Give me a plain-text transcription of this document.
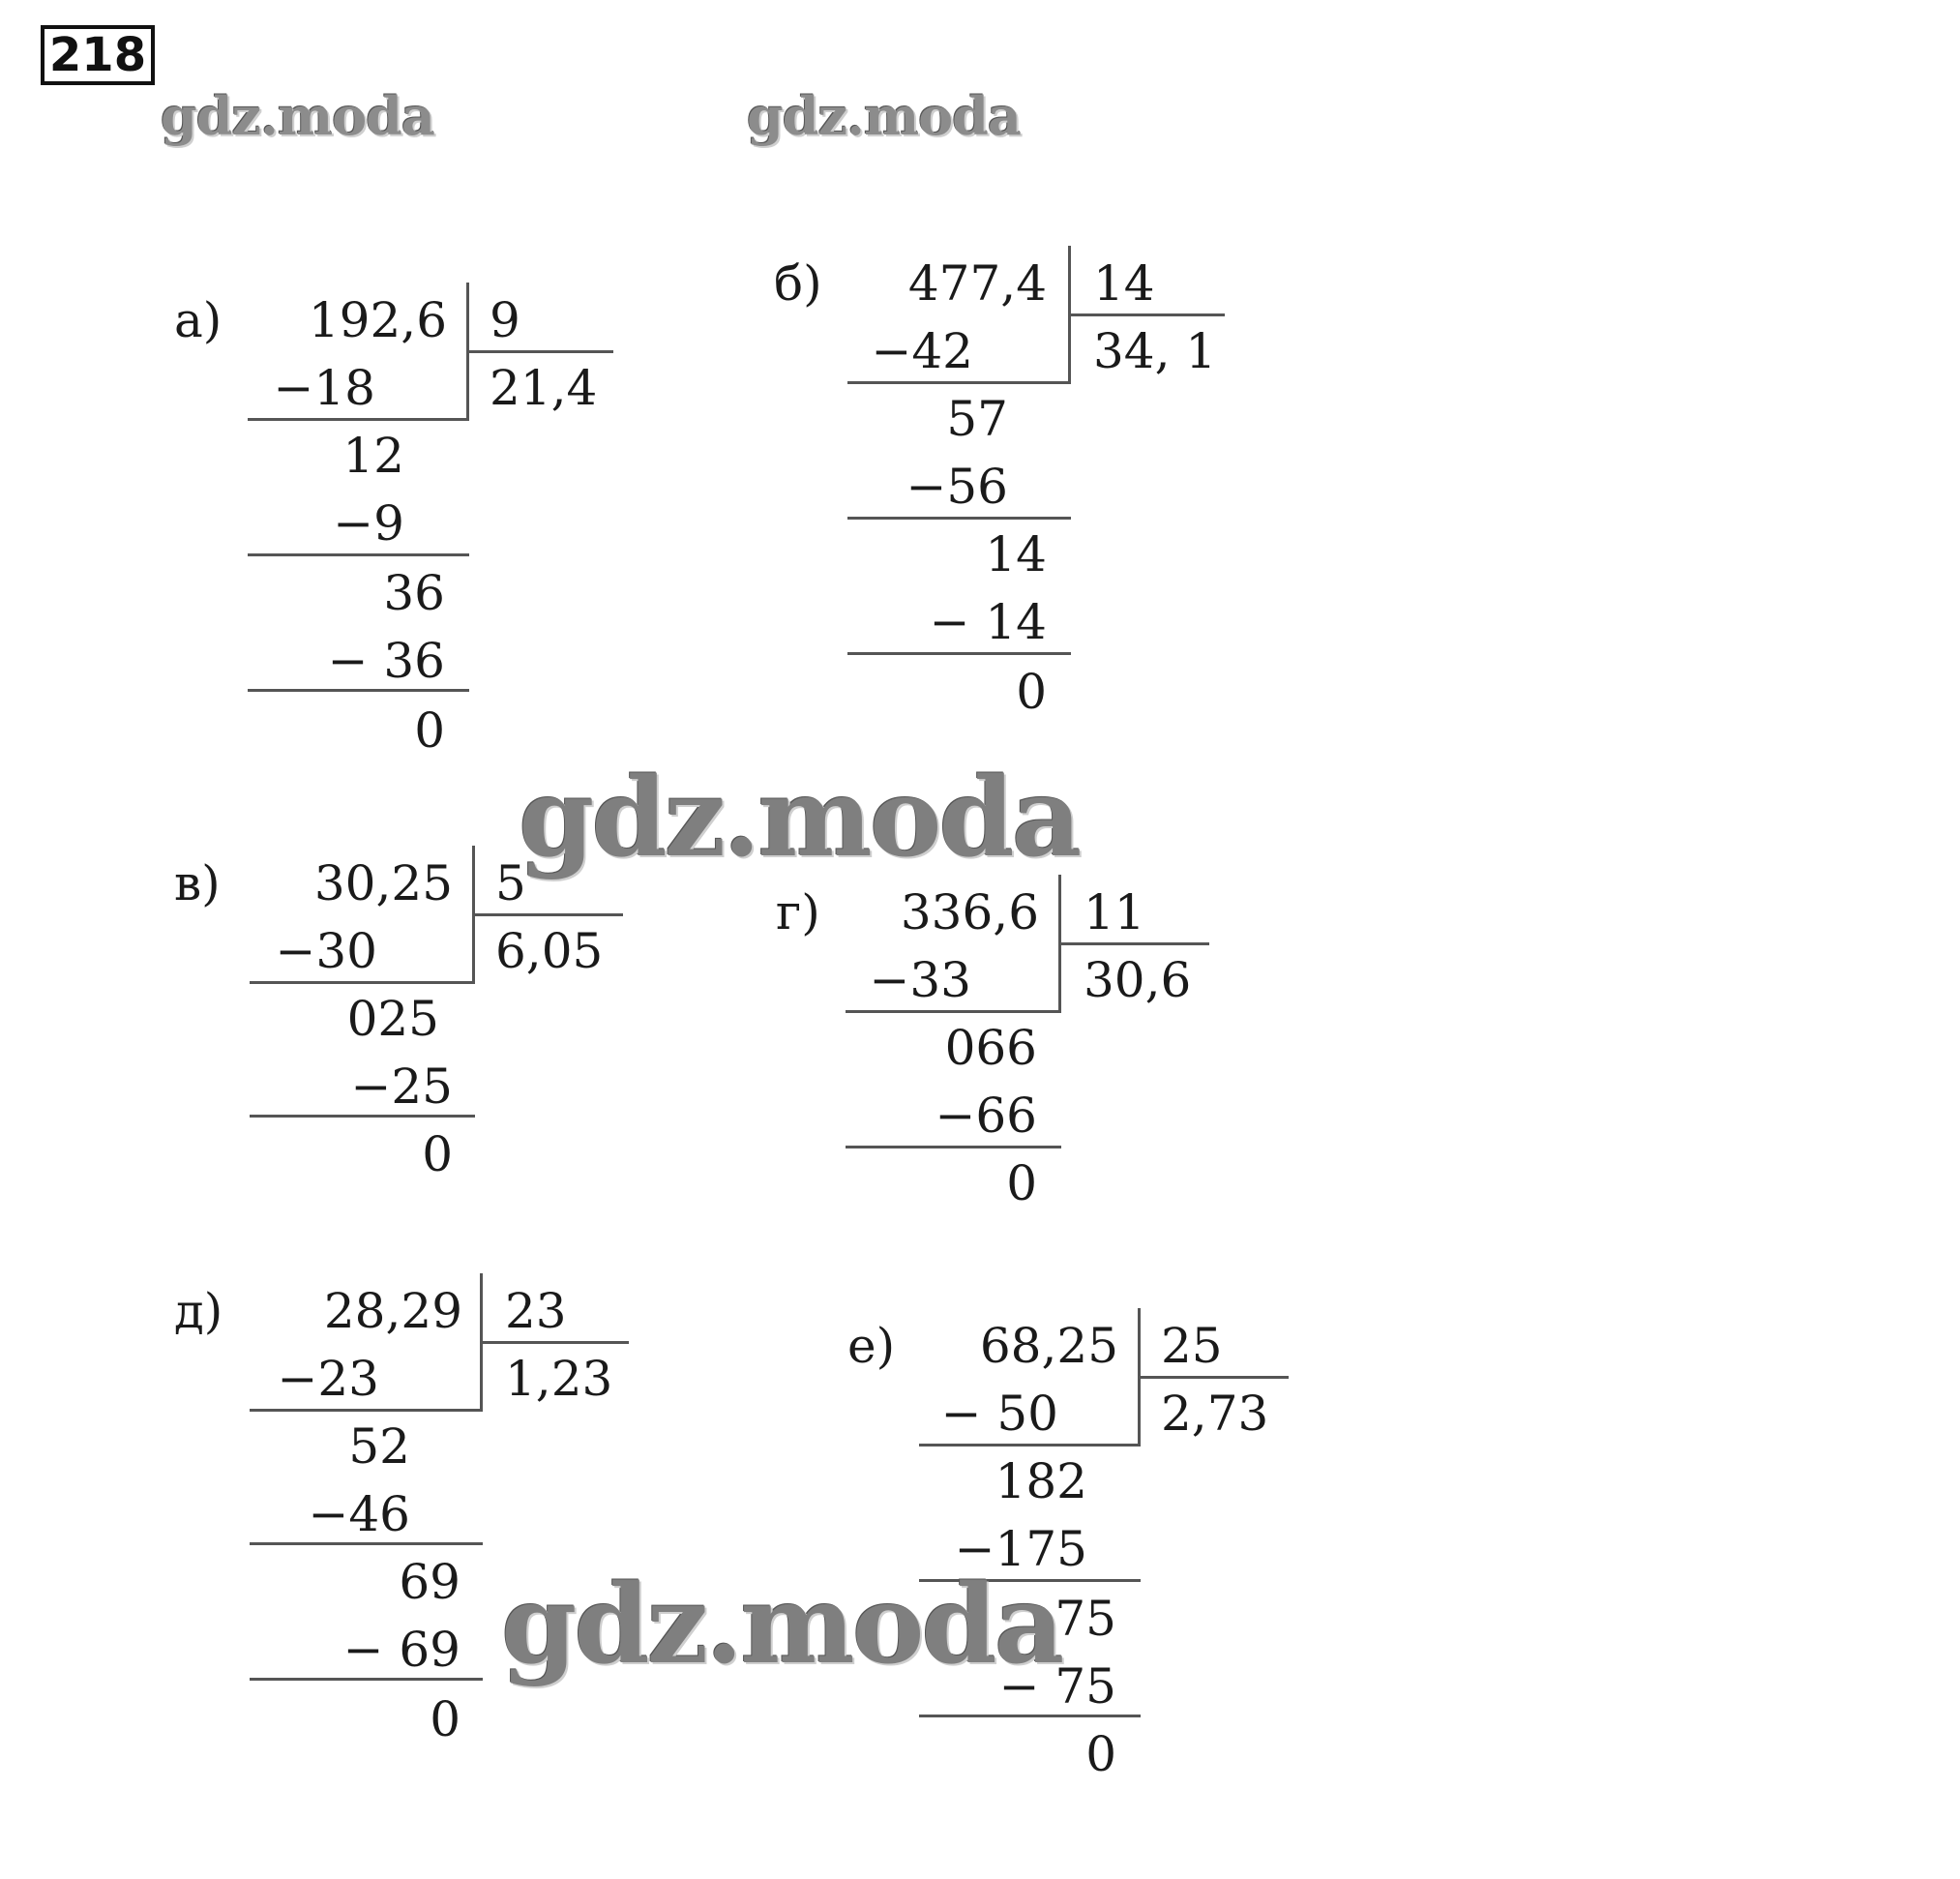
218
gdz.moda	gdz.moda
а)	192,6 9
−18 21,4
12
−9
36
− 36
0
б)	477,4 14
−42 34, 1
57
−56
14
− 14
0
в)	30,25 5
−30 6,05
025
−25
0
г)	336,6 11
−33 30,6
066
−66
0
д)	28,29 23
−23	1,23
52
−46
69
− 69
0
е)	68,25 25
− 50 2,73
182
−175
75
− 75
0
gdz.moda
gdz.moda
